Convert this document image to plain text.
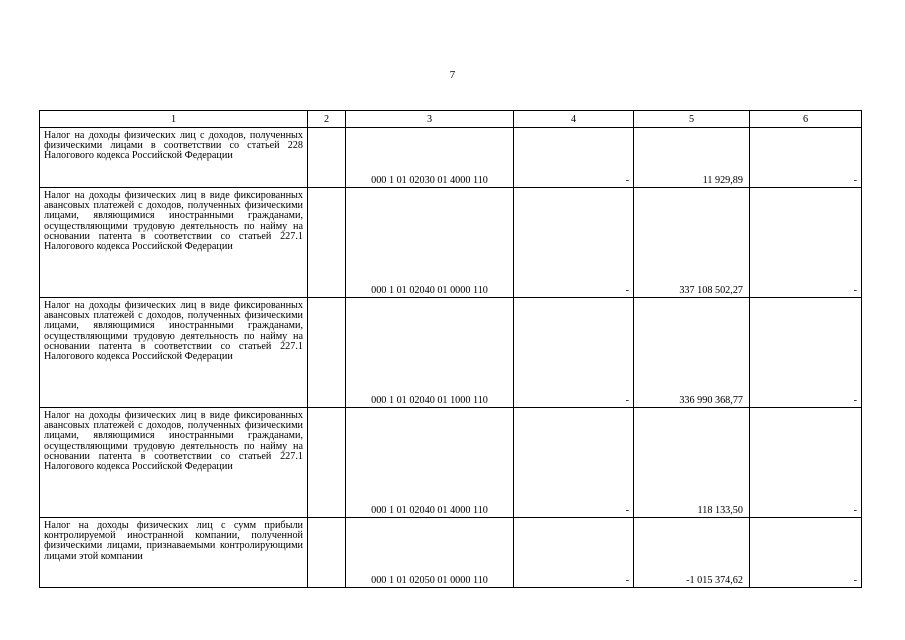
7
1	2	3	4	5	6
Налог на доходы физических лиц с доходов, полученных физическими лицами в соответствии со статьей 228 Налогового кодекса Российской Федерации		000 1 01 02030 01 4000 110	-	11 929,89	-
Налог на доходы физических лиц в виде фиксированных авансовых платежей с доходов, полученных физическими лицами, являющимися иностранными гражданами, осуществляющими трудовую деятельность по найму на основании патента в соответствии со статьей 227.1 Налогового кодекса Российской Федерации		000 1 01 02040 01 0000 110	-	337 108 502,27	-
Налог на доходы физических лиц в виде фиксированных авансовых платежей с доходов, полученных физическими лицами, являющимися иностранными гражданами, осуществляющими трудовую деятельность по найму на основании патента в соответствии со статьей 227.1 Налогового кодекса Российской Федерации		000 1 01 02040 01 1000 110	-	336 990 368,77	-
Налог на доходы физических лиц в виде фиксированных авансовых платежей с доходов, полученных физическими лицами, являющимися иностранными гражданами, осуществляющими трудовую деятельность по найму на основании патента в соответствии со статьей 227.1 Налогового кодекса Российской Федерации		000 1 01 02040 01 4000 110	-	118 133,50	-
Налог на доходы физических лиц с сумм прибыли контролируемой иностранной компании, полученной физическими лицами, признаваемыми контролирующими лицами этой компании		000 1 01 02050 01 0000 110	-	-1 015 374,62	-
